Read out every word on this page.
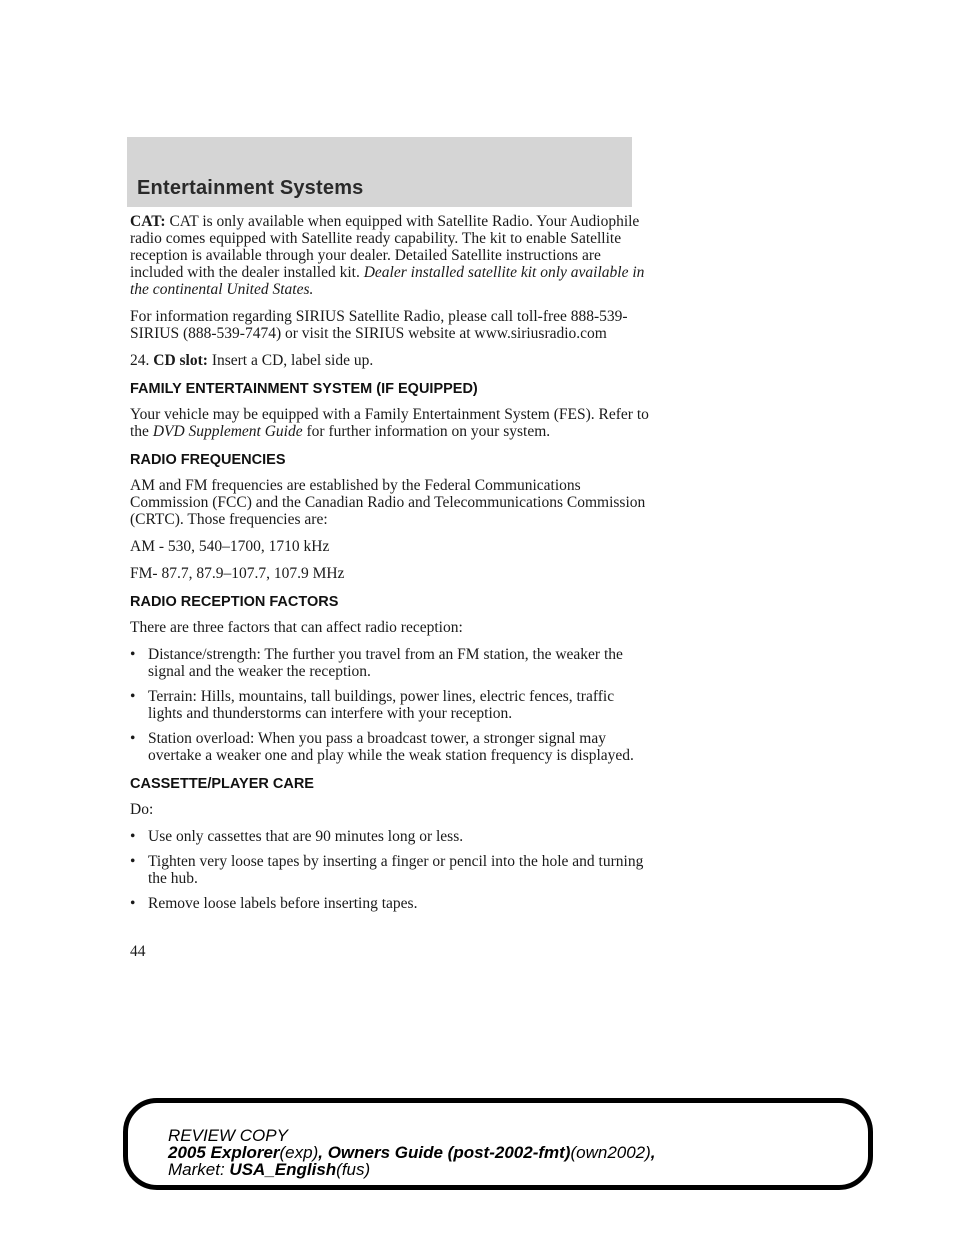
Entertainment Systems

CAT: CAT is only available when equipped with Satellite Radio. Your Audiophile radio comes equipped with Satellite ready capability. The kit to enable Satellite reception is available through your dealer. Detailed Satellite instructions are included with the dealer installed kit. Dealer installed satellite kit only available in the continental United States.

For information regarding SIRIUS Satellite Radio, please call toll-free 888-539-SIRIUS (888-539-7474) or visit the SIRIUS website at www.siriusradio.com

24. CD slot: Insert a CD, label side up.

FAMILY ENTERTAINMENT SYSTEM (IF EQUIPPED)

Your vehicle may be equipped with a Family Entertainment System (FES). Refer to the DVD Supplement Guide for further information on your system.

RADIO FREQUENCIES

AM and FM frequencies are established by the Federal Communications Commission (FCC) and the Canadian Radio and Telecommunications Commission (CRTC). Those frequencies are:

AM - 530, 540–1700, 1710 kHz

FM- 87.7, 87.9–107.7, 107.9 MHz

RADIO RECEPTION FACTORS

There are three factors that can affect radio reception:

• Distance/strength: The further you travel from an FM station, the weaker the signal and the weaker the reception.
• Terrain: Hills, mountains, tall buildings, power lines, electric fences, traffic lights and thunderstorms can interfere with your reception.
• Station overload: When you pass a broadcast tower, a stronger signal may overtake a weaker one and play while the weak station frequency is displayed.
CASSETTE/PLAYER CARE

Do:

• Use only cassettes that are 90 minutes long or less.
• Tighten very loose tapes by inserting a finger or pencil into the hole and turning the hub.
• Remove loose labels before inserting tapes.
44
REVIEW COPY
2005 Explorer(exp), Owners Guide (post-2002-fmt)(own2002),
Market: USA_English(fus)
carmanualsonline.info
